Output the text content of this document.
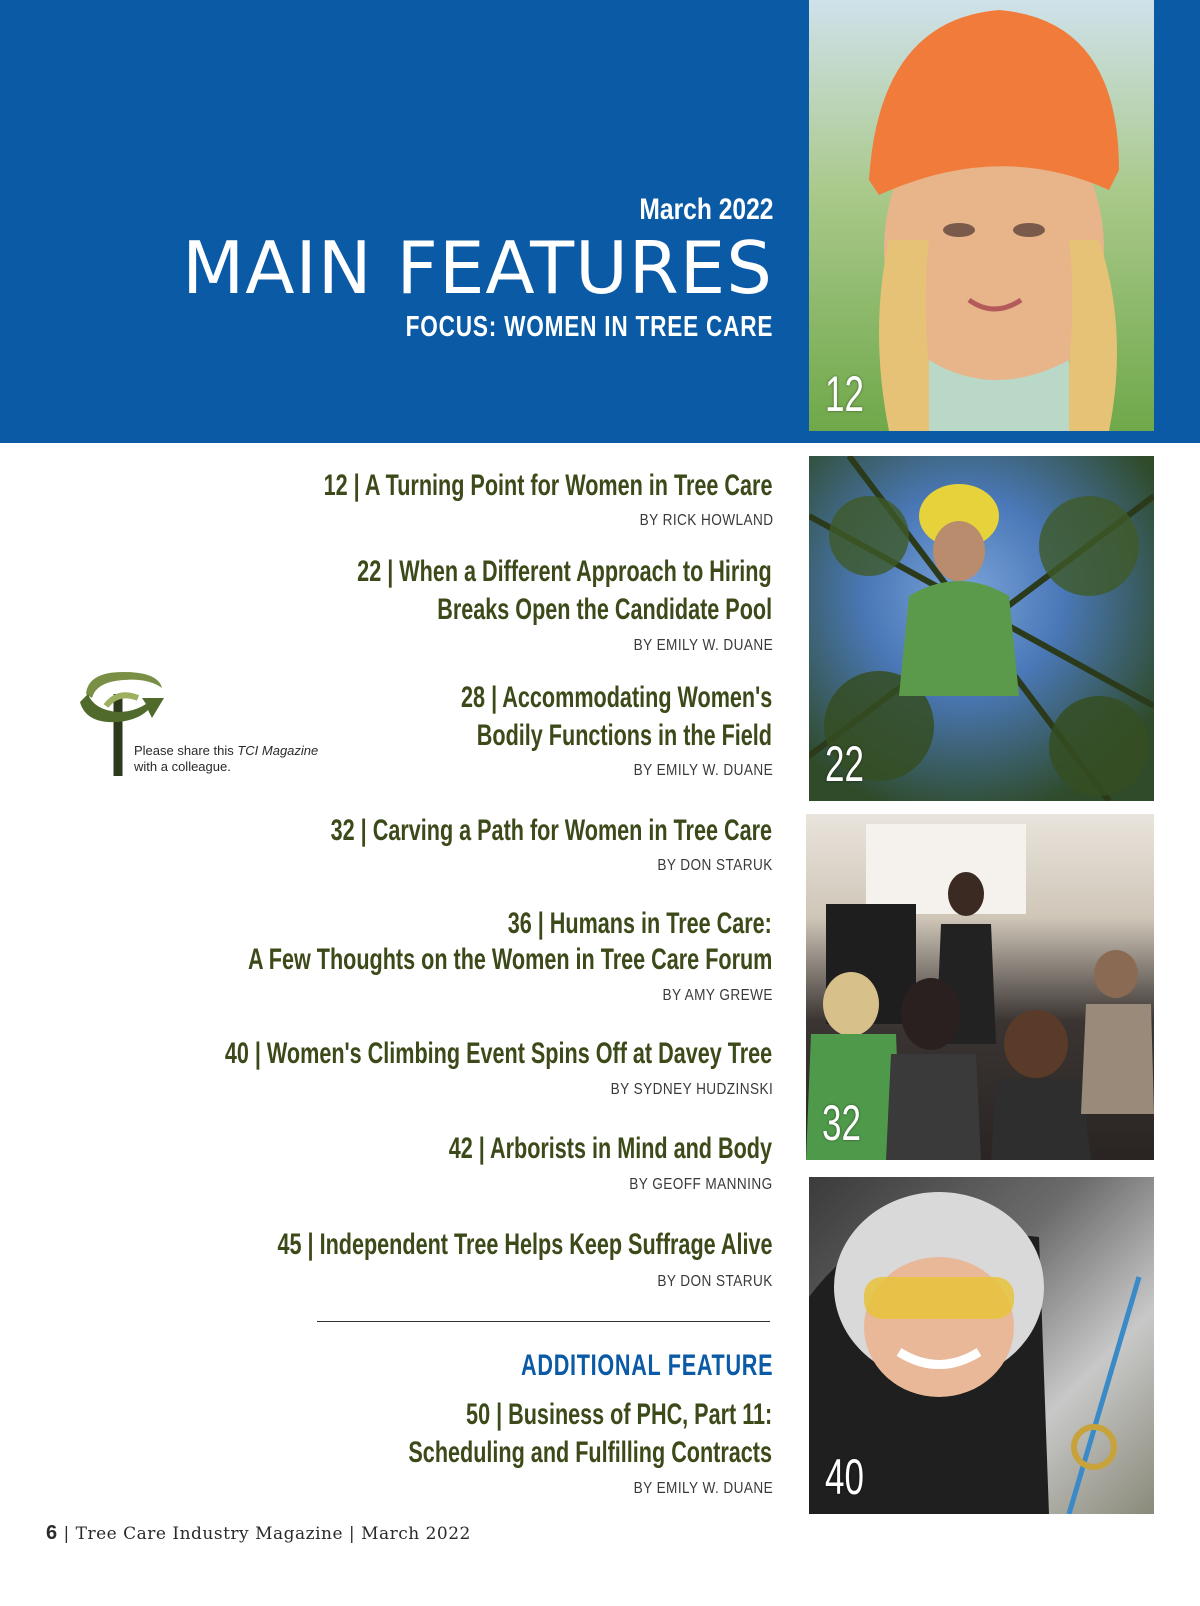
March 2022
MAIN FEATURES
FOCUS: WOMEN IN TREE CARE
12
22
32
40
Please share this TCI Magazine
with a colleague.
12 | A Turning Point for Women in Tree Care
BY RICK HOWLAND
22 | When a Different Approach to Hiring
Breaks Open the Candidate Pool
BY EMILY W. DUANE
28 | Accommodating Women's
Bodily Functions in the Field
BY EMILY W. DUANE
32 | Carving a Path for Women in Tree Care
BY DON STARUK
36 | Humans in Tree Care:
A Few Thoughts on the Women in Tree Care Forum
BY AMY GREWE
40 | Women's Climbing Event Spins Off at Davey Tree
BY SYDNEY HUDZINSKI
42 | Arborists in Mind and Body
BY GEOFF MANNING
45 | Independent Tree Helps Keep Suffrage Alive
BY DON STARUK
ADDITIONAL FEATURE
50 | Business of PHC, Part 11:
Scheduling and Fulfilling Contracts
BY EMILY W. DUANE
6 | Tree Care Industry Magazine | March 2022
